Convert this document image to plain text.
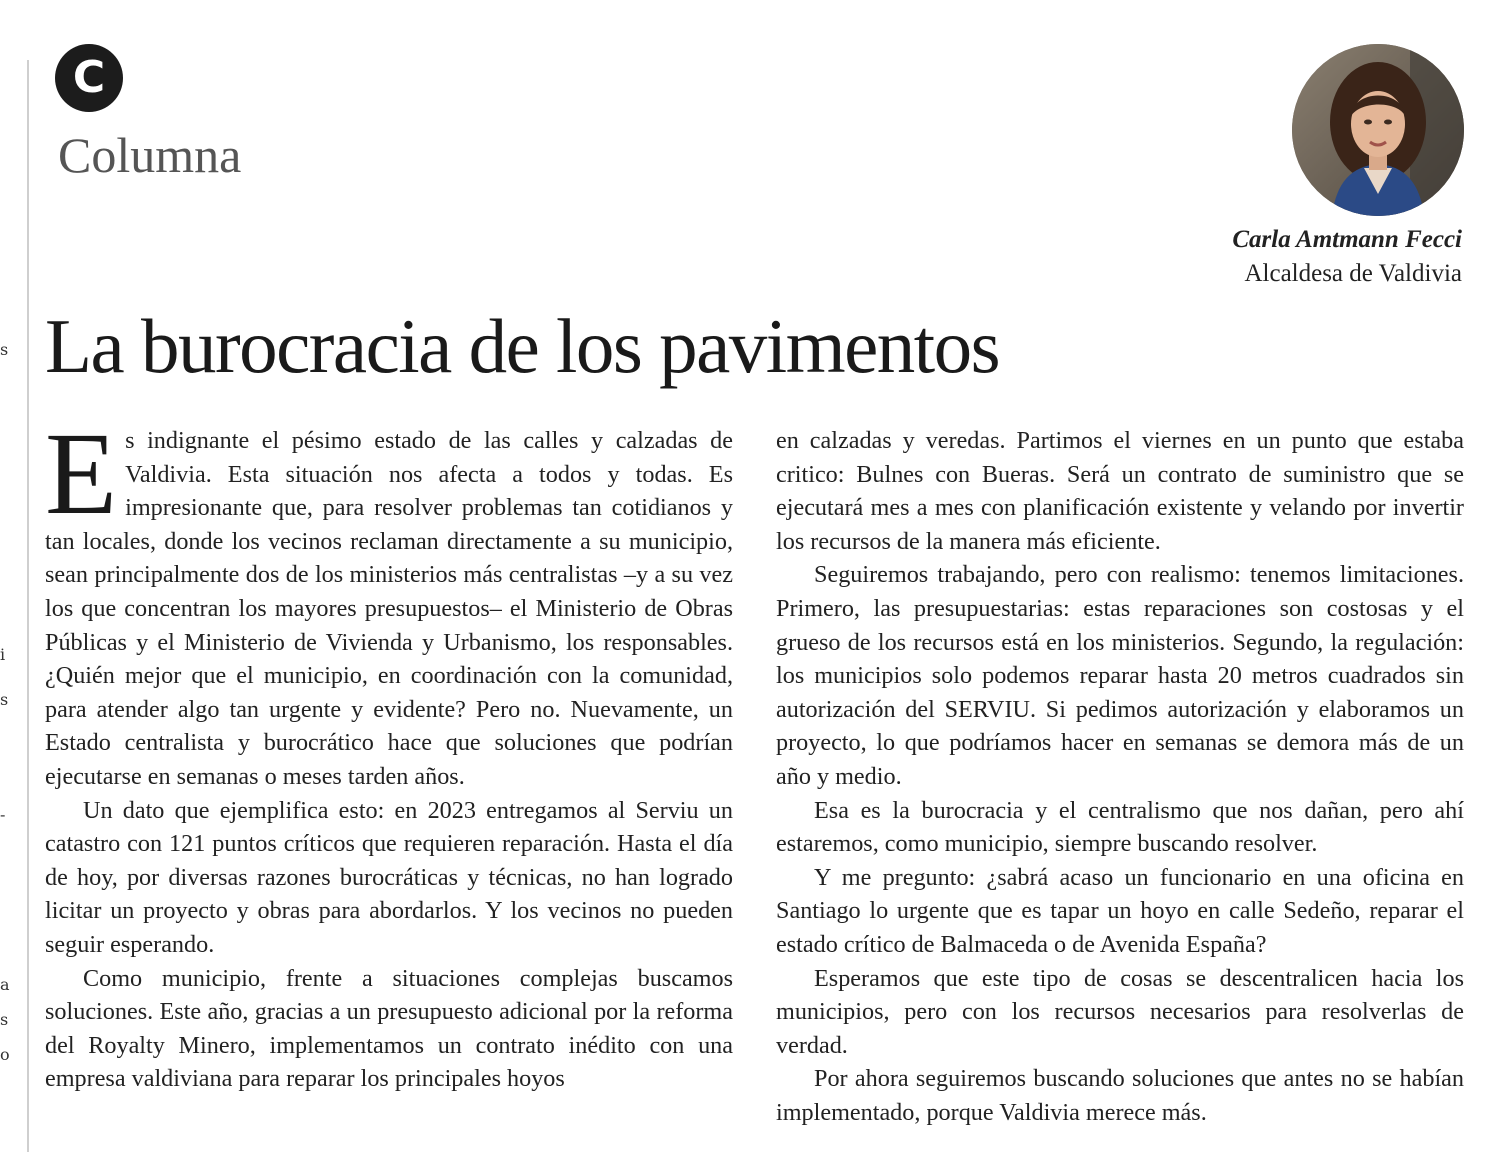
s
i
s
-
a
s
o
C
Columna
Carla Amtmann Fecci
Alcaldesa de Valdivia
La burocracia de los pavimentos

Es indignante el pésimo estado de las calles y calzadas de Valdivia. Esta situación nos afecta a todos y todas. Es impresionante que, para resolver problemas tan cotidianos y tan locales, donde los vecinos reclaman directamente a su municipio, sean principalmente dos de los ministerios más centralistas –y a su vez los que concentran los mayores presupuestos– el Ministerio de Obras Públicas y el Ministerio de Vivienda y Urbanismo, los responsables. ¿Quién mejor que el municipio, en coordinación con la comunidad, para atender algo tan urgente y evidente? Pero no. Nuevamente, un Estado centralista y burocrático hace que soluciones que podrían ejecutarse en semanas o meses tarden años.

Un dato que ejemplifica esto: en 2023 entregamos al Serviu un catastro con 121 puntos críticos que requieren reparación. Hasta el día de hoy, por diversas razones burocráticas y técnicas, no han logrado licitar un proyecto y obras para abordarlos. Y los vecinos no pueden seguir esperando.

Como municipio, frente a situaciones complejas buscamos soluciones. Este año, gracias a un presupuesto adicional por la reforma del Royalty Minero, implementamos un contrato inédito con una empresa valdiviana para reparar los principales hoyos

en calzadas y veredas. Partimos el viernes en un punto que estaba critico: Bulnes con Bueras. Será un contrato de suministro que se ejecutará mes a mes con planificación existente y velando por invertir los recursos de la manera más eficiente.

Seguiremos trabajando, pero con realismo: tenemos limitaciones. Primero, las presupuestarias: estas reparaciones son costosas y el grueso de los recursos está en los ministerios. Segundo, la regulación: los municipios solo podemos reparar hasta 20 metros cuadrados sin autorización del SERVIU. Si pedimos autorización y elaboramos un proyecto, lo que podríamos hacer en semanas se demora más de un año y medio.

Esa es la burocracia y el centralismo que nos dañan, pero ahí estaremos, como municipio, siempre buscando resolver.

Y me pregunto: ¿sabrá acaso un funcionario en una oficina en Santiago lo urgente que es tapar un hoyo en calle Sedeño, reparar el estado crítico de Balmaceda o de Avenida España?

Esperamos que este tipo de cosas se descentralicen hacia los municipios, pero con los recursos necesarios para resolverlas de verdad.

Por ahora seguiremos buscando soluciones que antes no se habían implementado, porque Valdivia merece más.
